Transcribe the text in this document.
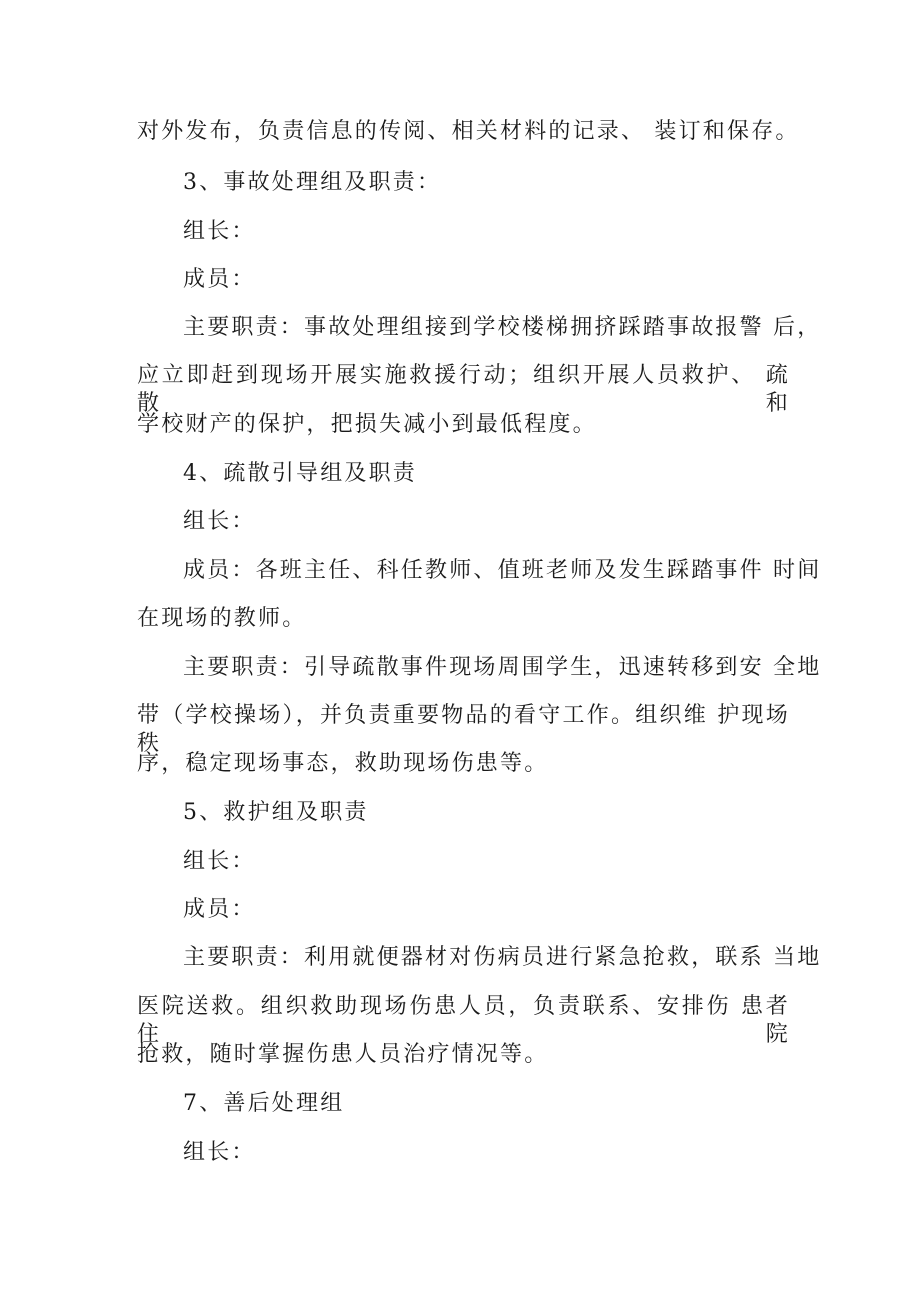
对外发布，负责信息的传阅、相关材料的记录、 装订和保存。
3、事故处理组及职责：
组长：
成员：
主要职责：事故处理组接到学校楼梯拥挤踩踏事故报警 后，
应立即赶到现场开展实施救援行动；组织开展人员救护、 疏散和
学校财产的保护，把损失减小到最低程度。
4、疏散引导组及职责
组长：
成员：各班主任、科任教师、值班老师及发生踩踏事件 时间
在现场的教师。
主要职责：引导疏散事件现场周围学生，迅速转移到安 全地
带（学校操场），并负责重要物品的看守工作。组织维 护现场秩
序，稳定现场事态，救助现场伤患等。
5、救护组及职责
组长：
成员：
主要职责：利用就便器材对伤病员进行紧急抢救，联系 当地
医院送救。组织救助现场伤患人员，负责联系、安排伤 患者住院
抢救，随时掌握伤患人员治疗情况等。
7、善后处理组
组长：
